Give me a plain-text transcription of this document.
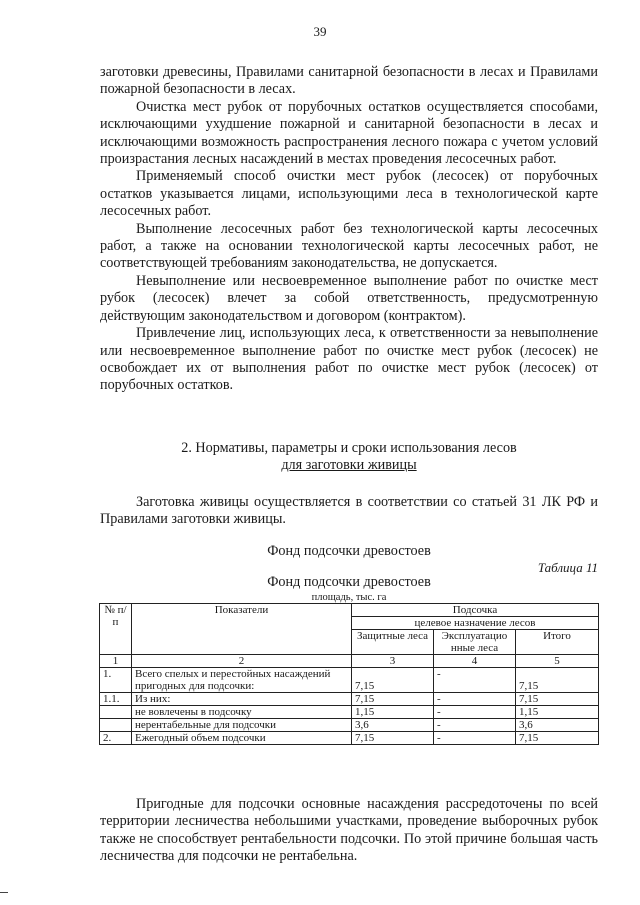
39

заготовки древесины, Правилами санитарной безопасности в лесах и Правилами пожарной безопасности в лесах.

Очистка мест рубок от порубочных остатков осуществляется способами, исключающими ухудшение пожарной и санитарной безопасности в лесах и исключающими возможность распространения лесного пожара с учетом условий произрастания лесных насаждений в местах проведения лесосечных работ.

Применяемый способ очистки мест рубок (лесосек) от порубочных остатков указывается лицами, использующими леса в технологической карте лесосечных работ.

Выполнение лесосечных работ без технологической карты лесосечных работ, а также на основании технологической карты лесосечных работ, не соответствующей требованиям законодательства, не допускается.

Невыполнение или несвоевременное выполнение работ по очистке мест рубок (лесосек) влечет за собой ответственность, предусмотренную действующим законодательством и договором (контрактом).

Привлечение лиц, использующих леса, к ответственности за невыполнение или несвоевременное выполнение работ по очистке мест рубок (лесосек) не освобождает их от выполнения работ по очистке мест рубок (лесосек) от порубочных остатков.

2. Нормативы, параметры и сроки использования лесов
для заготовки живицы

Заготовка живицы осуществляется в соответствии со статьей 31 ЛК РФ и Правилами заготовки живицы.

Фонд подсочки древостоев
Таблица 11
Фонд подсочки древостоев
площадь, тыс. га
№ п/п	Показатели	Подсочка		
		целевое назначение лесов		
		Защитные леса	Эксплуатацио нные леса	Итого
1	2	3	4	5
1.	Всего спелых и перестойных насаждений пригодных для подсочки:	7,15	-	7,15
1.1.	Из них:	7,15	-	7,15
	не вовлечены в подсочку	1,15	-	1,15
	нерентабельные для подсочки	3,6	-	3,6
2.	Ежегодный объем подсочки	7,15	-	7,15

Пригодные для подсочки основные насаждения рассредоточены по всей территории лесничества небольшими участками, проведение выборочных рубок также не способствует рентабельности подсочки. По этой причине большая часть лесничества для подсочки не рентабельна.
